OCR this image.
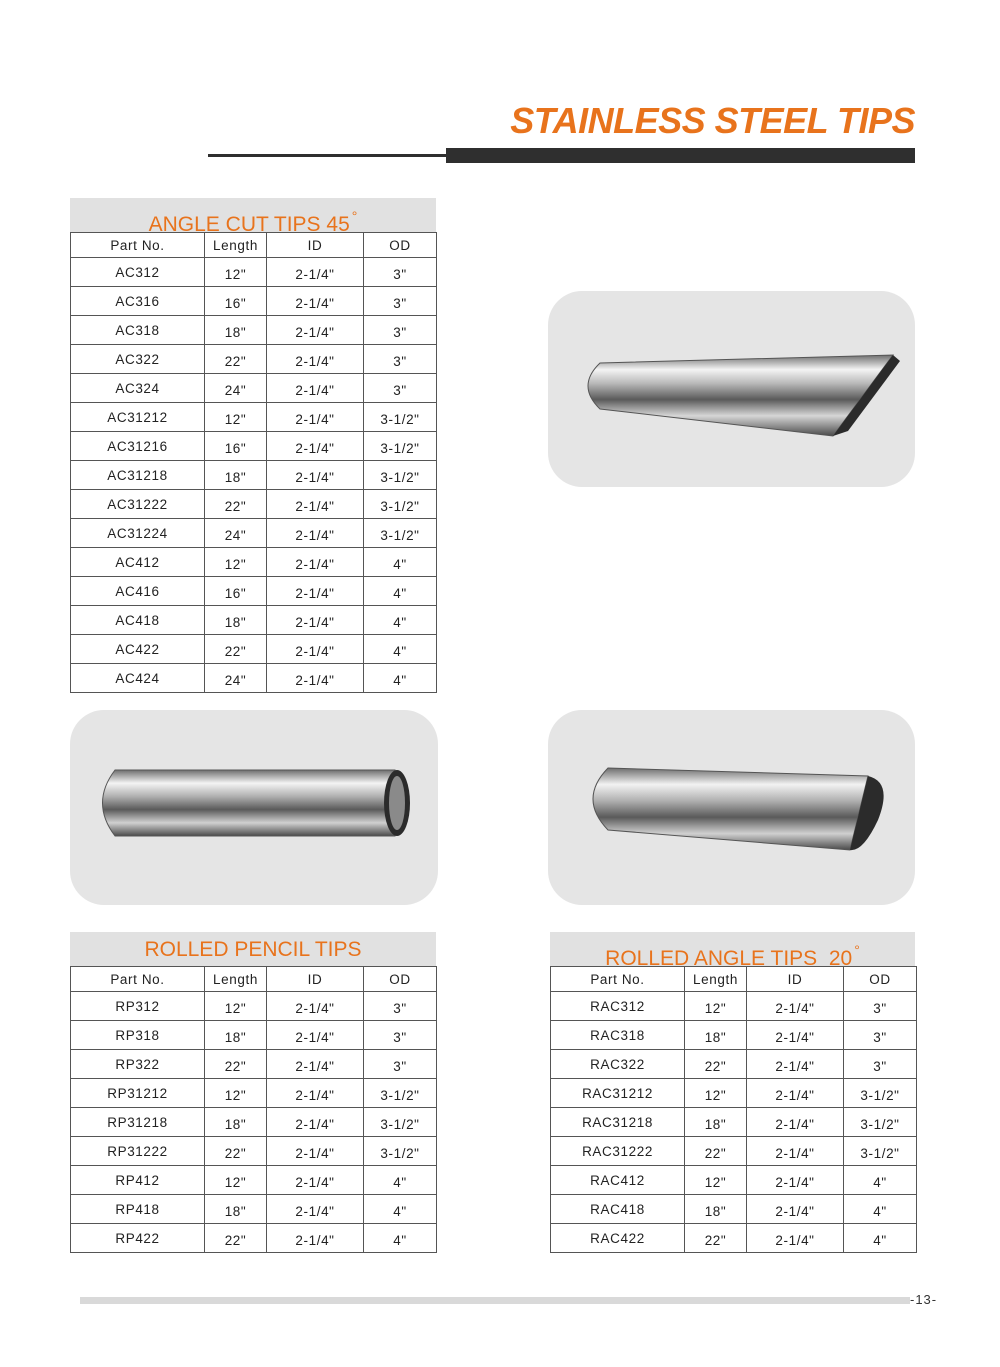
STAINLESS STEEL TIPS
ANGLE CUT TIPS 45 °
Part No.	Length	ID	OD
AC312	12"	2-1/4"	3"
AC316	16"	2-1/4"	3"
AC318	18"	2-1/4"	3"
AC322	22"	2-1/4"	3"
AC324	24"	2-1/4"	3"
AC31212	12"	2-1/4"	3-1/2"
AC31216	16"	2-1/4"	3-1/2"
AC31218	18"	2-1/4"	3-1/2"
AC31222	22"	2-1/4"	3-1/2"
AC31224	24"	2-1/4"	3-1/2"
AC412	12"	2-1/4"	4"
AC416	16"	2-1/4"	4"
AC418	18"	2-1/4"	4"
AC422	22"	2-1/4"	4"
AC424	24"	2-1/4"	4"
ROLLED PENCIL TIPS
Part No.	Length	ID	OD
RP312	12"	2-1/4"	3"
RP318	18"	2-1/4"	3"
RP322	22"	2-1/4"	3"
RP31212	12"	2-1/4"	3-1/2"
RP31218	18"	2-1/4"	3-1/2"
RP31222	22"	2-1/4"	3-1/2"
RP412	12"	2-1/4"	4"
RP418	18"	2-1/4"	4"
RP422	22"	2-1/4"	4"
ROLLED ANGLE TIPS  20 °
Part No.	Length	ID	OD
RAC312	12"	2-1/4"	3"
RAC318	18"	2-1/4"	3"
RAC322	22"	2-1/4"	3"
RAC31212	12"	2-1/4"	3-1/2"
RAC31218	18"	2-1/4"	3-1/2"
RAC31222	22"	2-1/4"	3-1/2"
RAC412	12"	2-1/4"	4"
RAC418	18"	2-1/4"	4"
RAC422	22"	2-1/4"	4"
-13-
